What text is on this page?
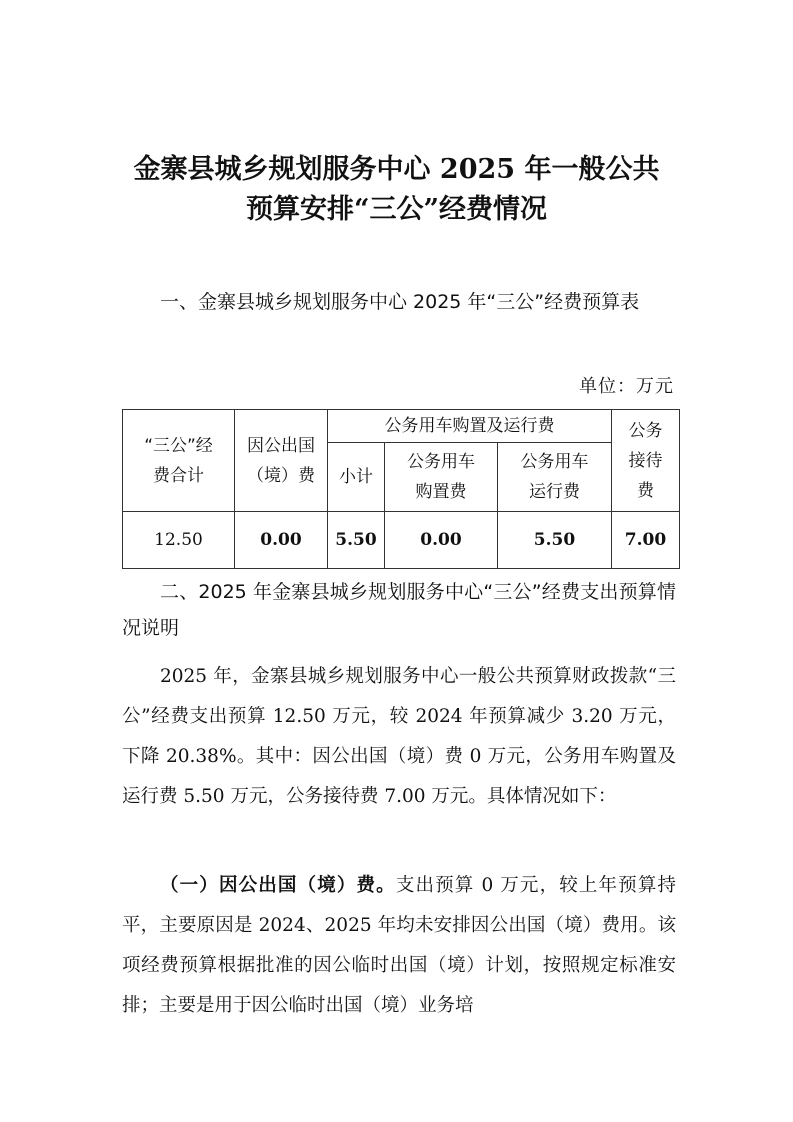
金寨县城乡规划服务中心 2025 年一般公共
预算安排“三公”经费情况
一、金寨县城乡规划服务中心 2025 年“三公”经费预算表
单位：万元
“三公”经费合计	因公出国（境）费	公务用车购置及运行费			公务接待费
		小计	公务用车购置费	公务用车运行费	
12.50	0.00	5.50	0.00	5.50	7.00
二、2025 年金寨县城乡规划服务中心“三公”经费支出预算情况说明
2025 年，金寨县城乡规划服务中心一般公共预算财政拨款“三公”经费支出预算 12.50 万元，较 2024 年预算减少 3.20 万元，下降 20.38%。其中：因公出国（境）费 0 万元，公务用车购置及运行费 5.50 万元，公务接待费 7.00 万元。具体情况如下：
（一）因公出国（境）费。支出预算 0 万元，较上年预算持平，主要原因是 2024、2025 年均未安排因公出国（境）费用。该项经费预算根据批准的因公临时出国（境）计划，按照规定标准安排；主要是用于因公临时出国（境）业务培
